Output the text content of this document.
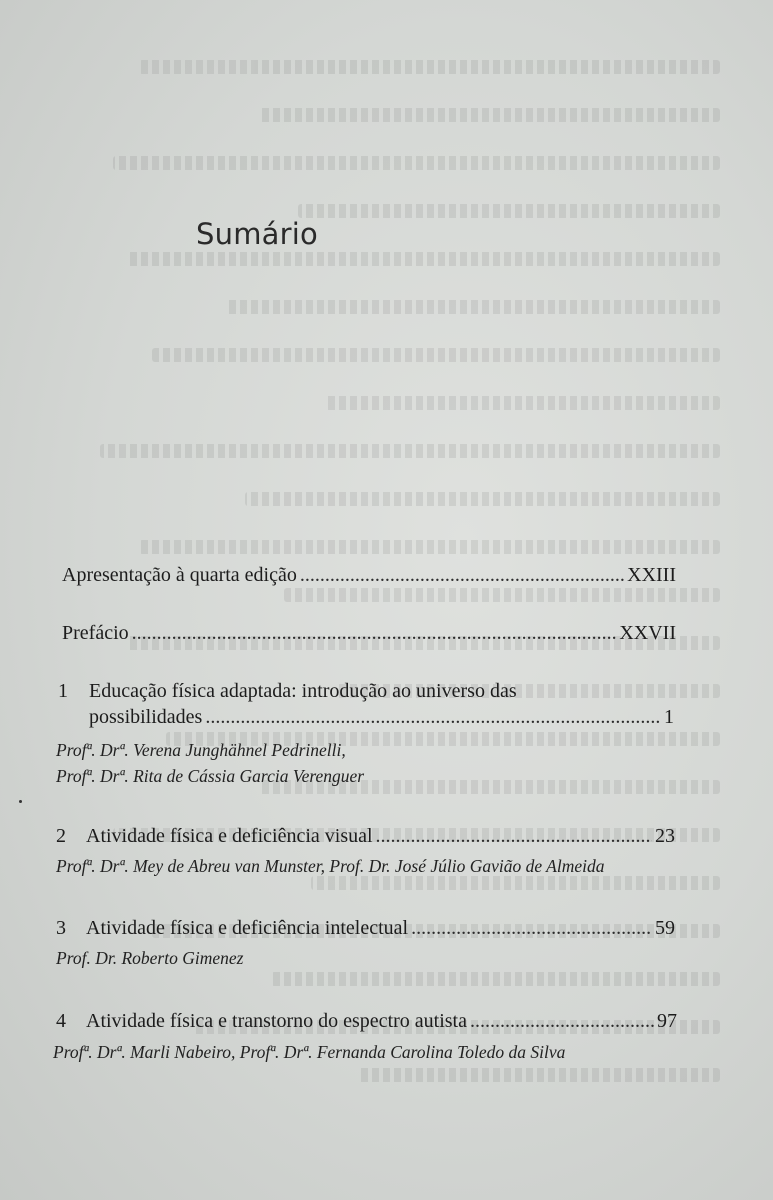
Sumário
Apresentação à quarta edição .....	XXIII
Prefácio .....	XXVII
1 Educação física adaptada: introdução ao universo das
possibilidades .....	1
Profª. Drª. Verena Junghähnel Pedrinelli,
Profª. Drª. Rita de Cássia Garcia Verenguer
2	Atividade física e deficiência visual .....	23
Profª. Drª. Mey de Abreu van Munster, Prof. Dr. José Júlio Gavião de Almeida
3	Atividade física e deficiência intelectual .....	59
Prof. Dr. Roberto Gimenez
4	Atividade física e transtorno do espectro autista .....	97
Profª. Drª. Marli Nabeiro, Profª. Drª. Fernanda Carolina Toledo da Silva
